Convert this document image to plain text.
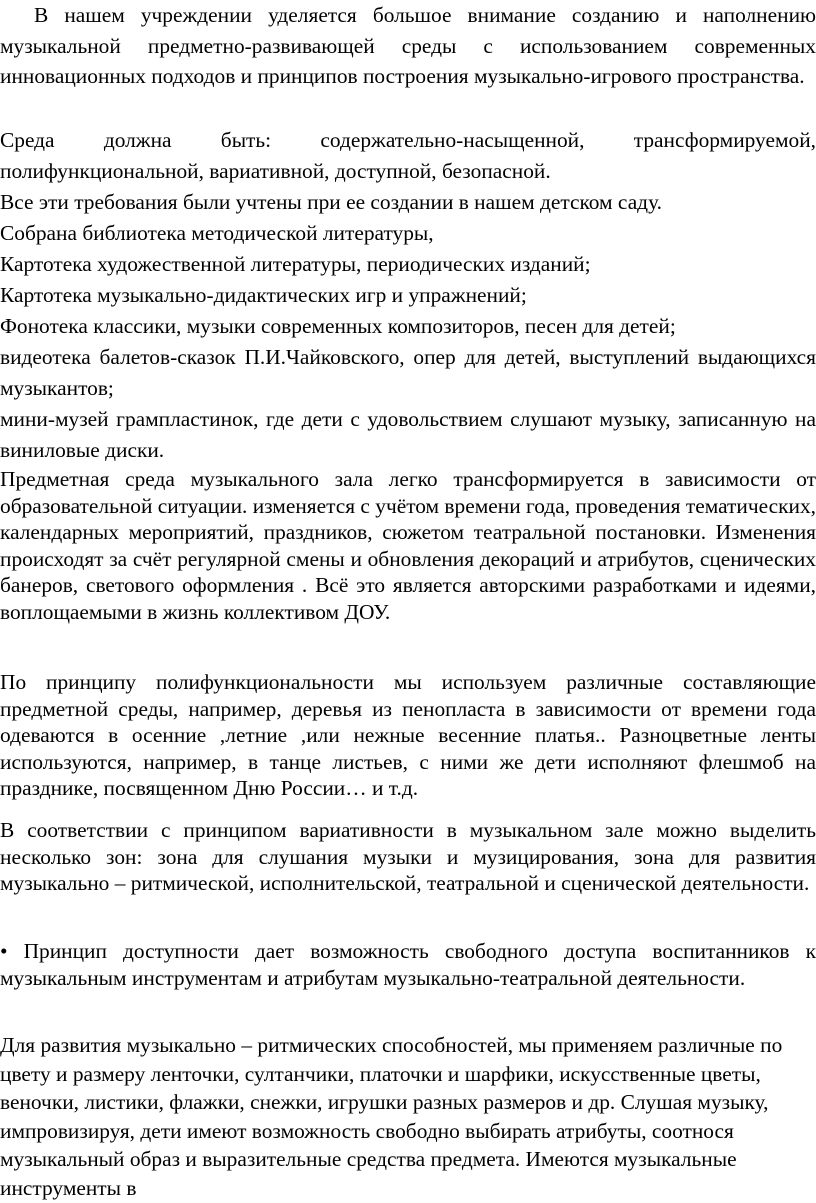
В нашем учреждении уделяется большое внимание созданию и наполнению музыкальной предметно-развивающей среды с использованием современных инновационных подходов и принципов построения музыкально-игрового пространства.

Среда должна быть: содержательно-насыщенной, трансформируемой, полифункциональной, вариативной, доступной, безопасной.

Все эти требования были учтены при ее создании в нашем детском саду.

Собрана библиотека методической литературы,

Картотека художественной литературы, периодических изданий;

Картотека музыкально-дидактических игр и упражнений;

Фонотека классики, музыки современных композиторов, песен для детей;

видеотека балетов-сказок П.И.Чайковского, опер для детей, выступлений выдающихся музыкантов;

мини-музей грампластинок, где дети с удовольствием слушают музыку, записанную на виниловые диски.

Предметная среда музыкального зала легко трансформируется в зависимости от образовательной ситуации. изменяется с учётом времени года, проведения тематических, календарных мероприятий, праздников, сюжетом театральной постановки. Изменения происходят за счёт регулярной смены и обновления декораций и атрибутов, сценических банеров, светового оформления . Всё это является авторскими разработками и идеями, воплощаемыми в жизнь коллективом ДОУ.

По принципу полифункциональности мы используем различные составляющие предметной среды, например, деревья из пенопласта в зависимости от времени года одеваются в осенние ,летние ,или нежные весенние платья.. Разноцветные ленты используются, например, в танце листьев, с ними же дети исполняют флешмоб на празднике, посвященном Дню России… и т.д.

В соответствии с принципом вариативности в музыкальном зале можно выделить несколько зон: зона для слушания музыки и музицирования, зона для развития музыкально – ритмической, исполнительской, театральной и сценической деятельности.

• Принцип доступности дает возможность свободного доступа воспитанников к музыкальным инструментам и атрибутам музыкально-театральной деятельности.

Для развития музыкально – ритмических способностей, мы применяем различные по цвету и размеру ленточки, султанчики, платочки и шарфики, искусственные цветы, веночки, листики, флажки, снежки, игрушки разных размеров и др. Слушая музыку, импровизируя, дети имеют возможность свободно выбирать атрибуты, соотнося музыкальный образ и выразительные средства предмета. Имеются музыкальные инструменты в
